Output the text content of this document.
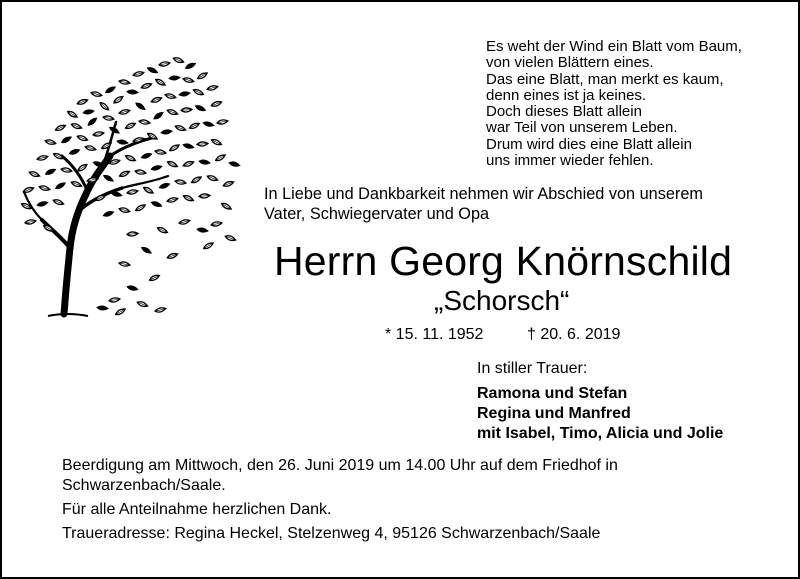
Es weht der Wind ein Blatt vom Baum,
von vielen Blättern eines.
Das eine Blatt, man merkt es kaum,
denn eines ist ja keines.
Doch dieses Blatt allein
war Teil von unserem Leben.
Drum wird dies eine Blatt allein
uns immer wieder fehlen.
In Liebe und Dankbarkeit nehmen wir Abschied von unserem
Vater, Schwiegervater und Opa
Herrn Georg Knörnschild
„Schorsch“
* 15. 11. 1952	† 20. 6. 2019
In stiller Trauer:
Ramona und Stefan
Regina und Manfred
mit Isabel, Timo, Alicia und Jolie
Beerdigung am Mittwoch, den 26. Juni 2019 um 14.00 Uhr auf dem Friedhof in
Schwarzenbach/Saale.
Für alle Anteilnahme herzlichen Dank.
Traueradresse: Regina Heckel, Stelzenweg 4, 95126 Schwarzenbach/Saale
